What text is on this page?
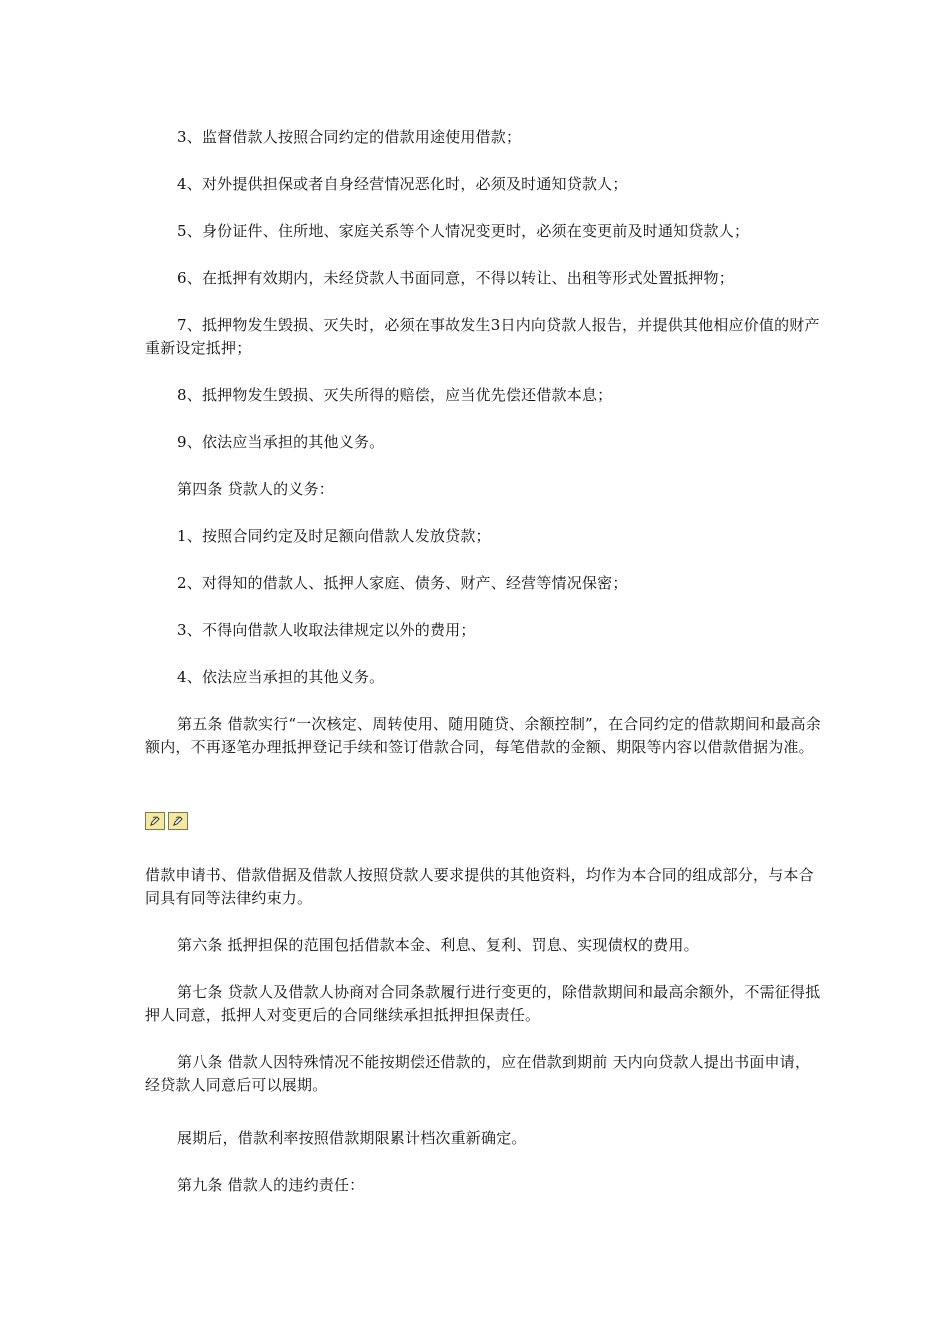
3、监督借款人按照合同约定的借款用途使用借款；

4、对外提供担保或者自身经营情况恶化时，必须及时通知贷款人；

5、身份证件、住所地、家庭关系等个人情况变更时，必须在变更前及时通知贷款人；

6、在抵押有效期内，未经贷款人书面同意，不得以转让、出租等形式处置抵押物；

7、抵押物发生毁损、灭失时，必须在事故发生3日内向贷款人报告，并提供其他相应价值的财产重新设定抵押；

8、抵押物发生毁损、灭失所得的赔偿，应当优先偿还借款本息；

9、依法应当承担的其他义务。

第四条 贷款人的义务：

1、按照合同约定及时足额向借款人发放贷款；

2、对得知的借款人、抵押人家庭、债务、财产、经营等情况保密；

3、不得向借款人收取法律规定以外的费用；

4、依法应当承担的其他义务。

第五条 借款实行“一次核定、周转使用、随用随贷、余额控制”，在合同约定的借款期间和最高余额内，不再逐笔办理抵押登记手续和签订借款合同，每笔借款的金额、期限等内容以借款借据为准。

借款申请书、借款借据及借款人按照贷款人要求提供的其他资料，均作为本合同的组成部分，与本合同具有同等法律约束力。

第六条 抵押担保的范围包括借款本金、利息、复利、罚息、实现债权的费用。

第七条 贷款人及借款人协商对合同条款履行进行变更的，除借款期间和最高余额外，不需征得抵押人同意，抵押人对变更后的合同继续承担抵押担保责任。

第八条 借款人因特殊情况不能按期偿还借款的，应在借款到期前 天内向贷款人提出书面申请，经贷款人同意后可以展期。

展期后，借款利率按照借款期限累计档次重新确定。

第九条 借款人的违约责任：
